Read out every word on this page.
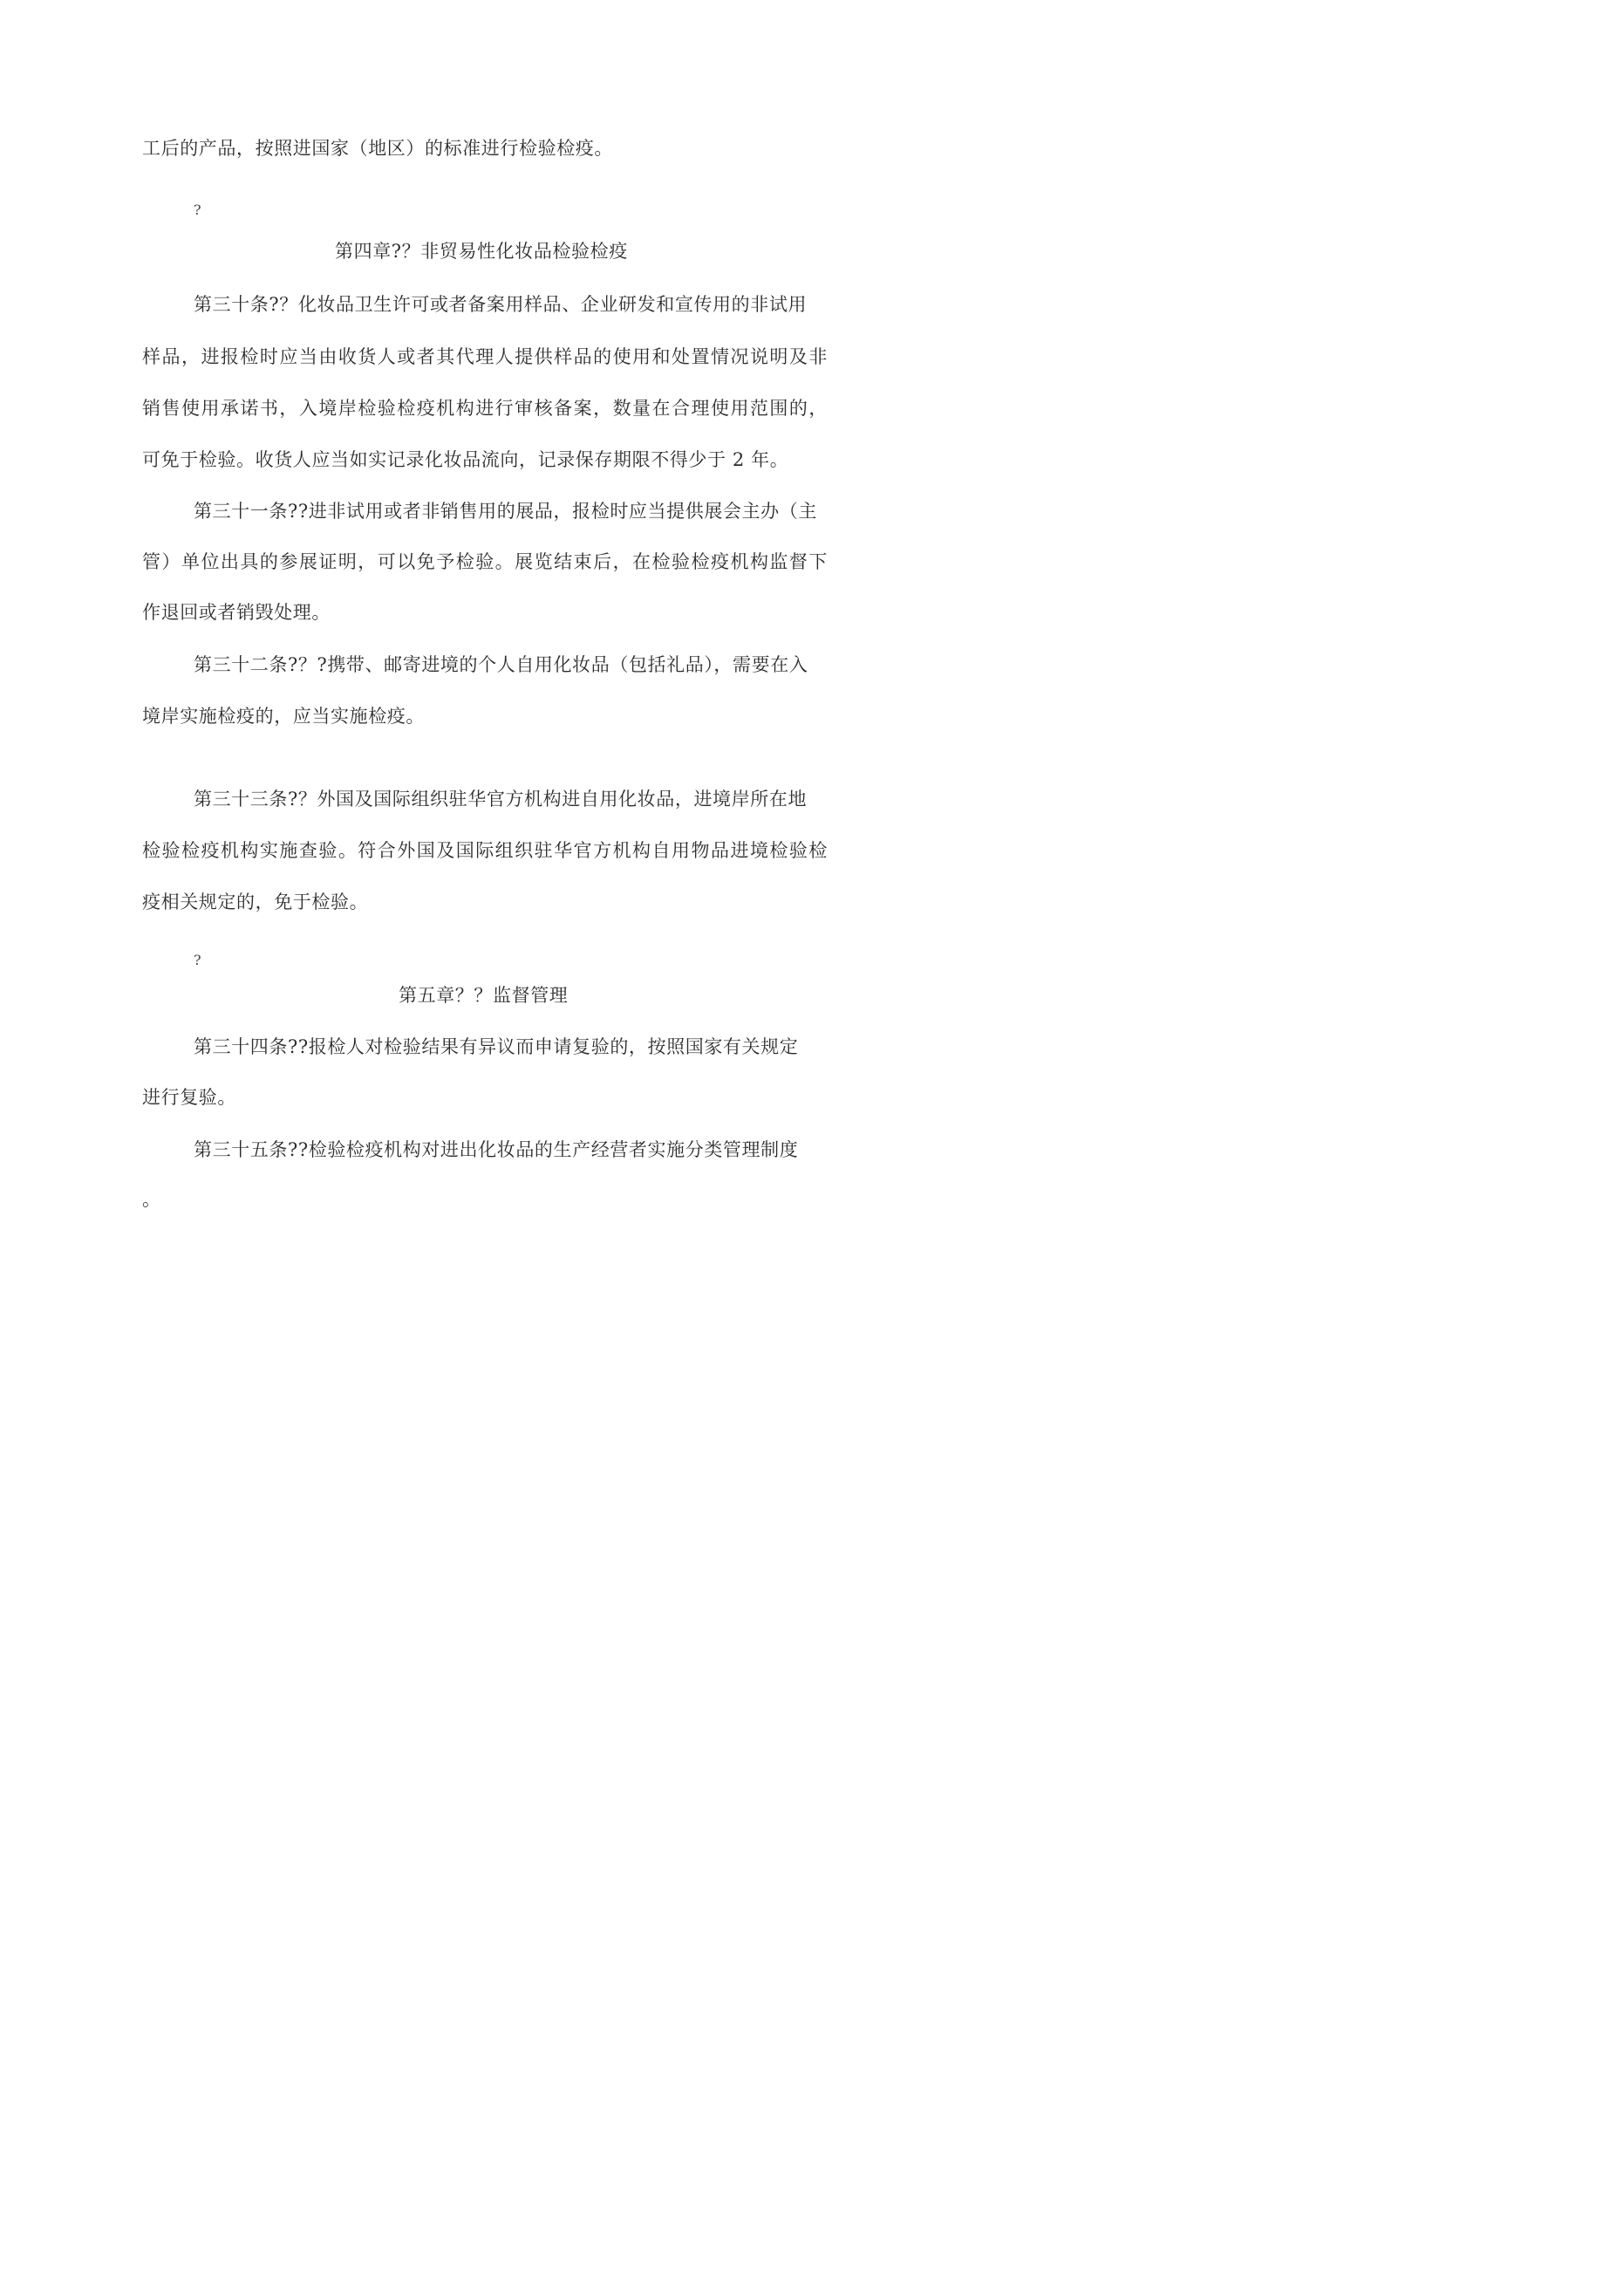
工后的产品，按照进国家（地区）的标准进行检验检疫。
?
第四章?？非贸易性化妆品检验检疫
第三十条?？化妆品卫生许可或者备案用样品、企业研发和宣传用的非试用
样品，进报检时应当由收货人或者其代理人提供样品的使用和处置情况说明及非
销售使用承诺书，入境岸检验检疫机构进行审核备案，数量在合理使用范围的，
可免于检验。收货人应当如实记录化妆品流向，记录保存期限不得少于 2 年。
第三十一条??进非试用或者非销售用的展品，报检时应当提供展会主办（主
管）单位出具的参展证明，可以免予检验。展览结束后，在检验检疫机构监督下
作退回或者销毁处理。
第三十二条?？?携带、邮寄进境的个人自用化妆品（包括礼品），需要在入
境岸实施检疫的，应当实施检疫。
第三十三条?？外国及国际组织驻华官方机构进自用化妆品，进境岸所在地
检验检疫机构实施查验。符合外国及国际组织驻华官方机构自用物品进境检验检
疫相关规定的，免于检验。
?
第五章？？监督管理
第三十四条??报检人对检验结果有异议而申请复验的，按照国家有关规定
进行复验。
第三十五条??检验检疫机构对进出化妆品的生产经营者实施分类管理制度
。
